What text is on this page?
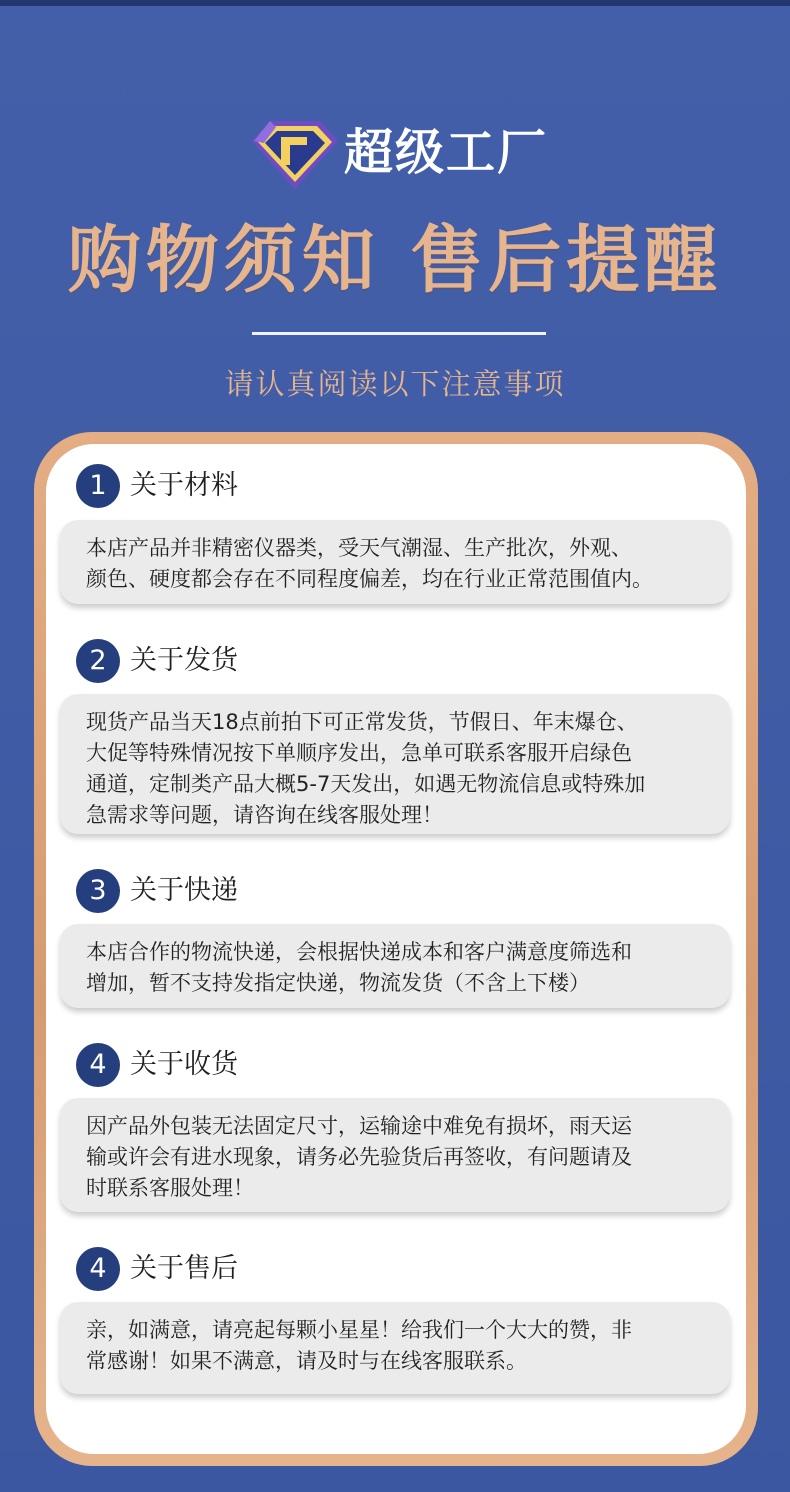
超级工厂
购物须知 售后提醒
请认真阅读以下注意事项
1 关于材料
本店产品并非精密仪器类，受天气潮湿、生产批次，外观、
颜色、硬度都会存在不同程度偏差，均在行业正常范围值内。
2 关于发货
现货产品当天18点前拍下可正常发货，节假日、年末爆仓、
大促等特殊情况按下单顺序发出，急单可联系客服开启绿色
通道，定制类产品大概5-7天发出，如遇无物流信息或特殊加
急需求等问题，请咨询在线客服处理！
3 关于快递
本店合作的物流快递，会根据快递成本和客户满意度筛选和
增加，暂不支持发指定快递，物流发货（不含上下楼）
4 关于收货
因产品外包装无法固定尺寸，运输途中难免有损坏，雨天运
输或许会有进水现象，请务必先验货后再签收，有问题请及
时联系客服处理！
4 关于售后
亲，如满意，请亮起每颗小星星！给我们一个大大的赞，非
常感谢！如果不满意，请及时与在线客服联系。
